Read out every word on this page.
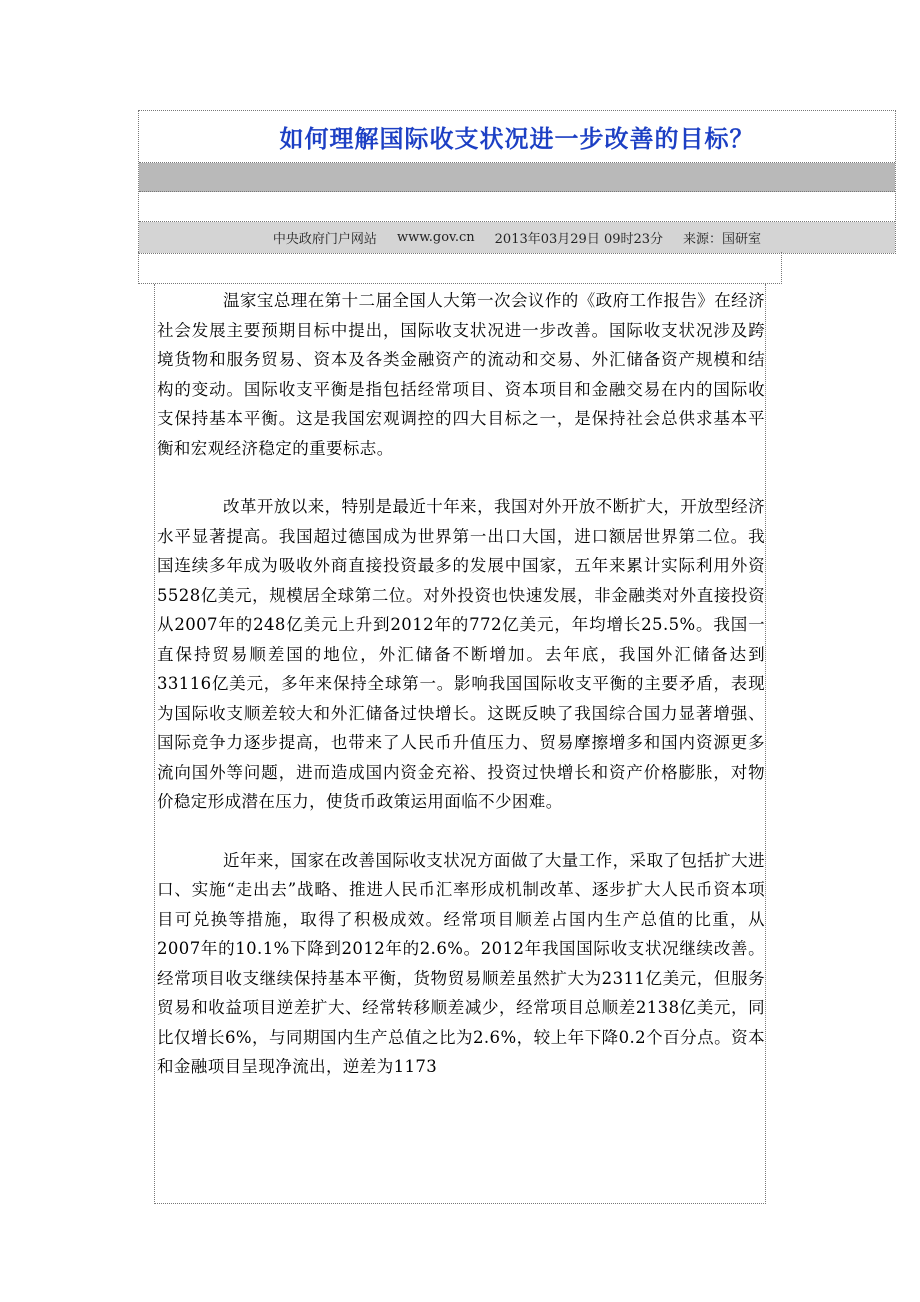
如何理解国际收支状况进一步改善的目标？
中央政府门户网站 www.gov.cn 2013年03月29日 09时23分 来源：国研室

温家宝总理在第十二届全国人大第一次会议作的《政府工作报告》在经济社会发展主要预期目标中提出，国际收支状况进一步改善。国际收支状况涉及跨境货物和服务贸易、资本及各类金融资产的流动和交易、外汇储备资产规模和结构的变动。国际收支平衡是指包括经常项目、资本项目和金融交易在内的国际收支保持基本平衡。这是我国宏观调控的四大目标之一，是保持社会总供求基本平衡和宏观经济稳定的重要标志。

改革开放以来，特别是最近十年来，我国对外开放不断扩大，开放型经济水平显著提高。我国超过德国成为世界第一出口大国，进口额居世界第二位。我国连续多年成为吸收外商直接投资最多的发展中国家，五年来累计实际利用外资5528亿美元，规模居全球第二位。对外投资也快速发展，非金融类对外直接投资从2007年的248亿美元上升到2012年的772亿美元，年均增长25.5%。我国一直保持贸易顺差国的地位，外汇储备不断增加。去年底，我国外汇储备达到33116亿美元，多年来保持全球第一。影响我国国际收支平衡的主要矛盾，表现为国际收支顺差较大和外汇储备过快增长。这既反映了我国综合国力显著增强、国际竞争力逐步提高，也带来了人民币升值压力、贸易摩擦增多和国内资源更多流向国外等问题，进而造成国内资金充裕、投资过快增长和资产价格膨胀，对物价稳定形成潜在压力，使货币政策运用面临不少困难。

近年来，国家在改善国际收支状况方面做了大量工作，采取了包括扩大进口、实施“走出去”战略、推进人民币汇率形成机制改革、逐步扩大人民币资本项目可兑换等措施，取得了积极成效。经常项目顺差占国内生产总值的比重，从2007年的10.1%下降到2012年的2.6%。2012年我国国际收支状况继续改善。经常项目收支继续保持基本平衡，货物贸易顺差虽然扩大为2311亿美元，但服务贸易和收益项目逆差扩大、经常转移顺差减少，经常项目总顺差2138亿美元，同比仅增长6%，与同期国内生产总值之比为2.6%，较上年下降0.2个百分点。资本和金融项目呈现净流出，逆差为1173
